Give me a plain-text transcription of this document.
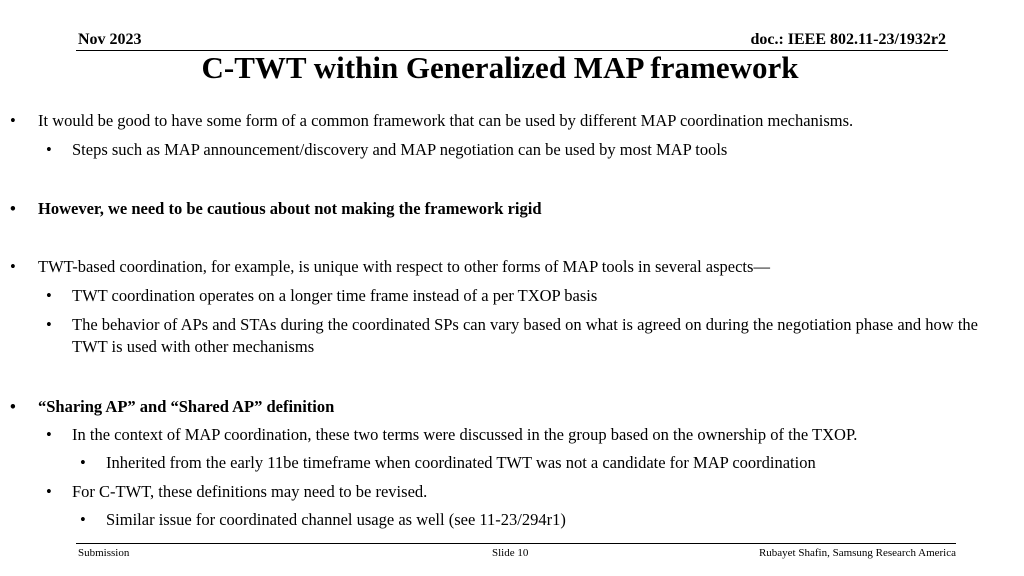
Nov 2023	doc.: IEEE 802.11-23/1932r2
C-TWT within Generalized MAP framework
• It would be good to have some form of a common framework that can be used by different MAP coordination mechanisms.
• Steps such as MAP announcement/discovery and MAP negotiation can be used by most MAP tools
• However, we need to be cautious about not making the framework rigid
• TWT-based coordination, for example, is unique with respect to other forms of MAP tools in several aspects—
• TWT coordination operates on a longer time frame instead of a per TXOP basis
• The behavior of APs and STAs during the coordinated SPs can vary based on what is agreed on during the negotiation phase and how the TWT is used with other mechanisms
• “Sharing AP” and “Shared AP” definition
• In the context of MAP coordination, these two terms were discussed in the group based on the ownership of the TXOP.
• Inherited from the early 11be timeframe when coordinated TWT was not a candidate for MAP coordination
• For C-TWT, these definitions may need to be revised.
• Similar issue for coordinated channel usage as well (see 11-23/294r1)
Submission	Slide 10	Rubayet Shafin, Samsung Research America
